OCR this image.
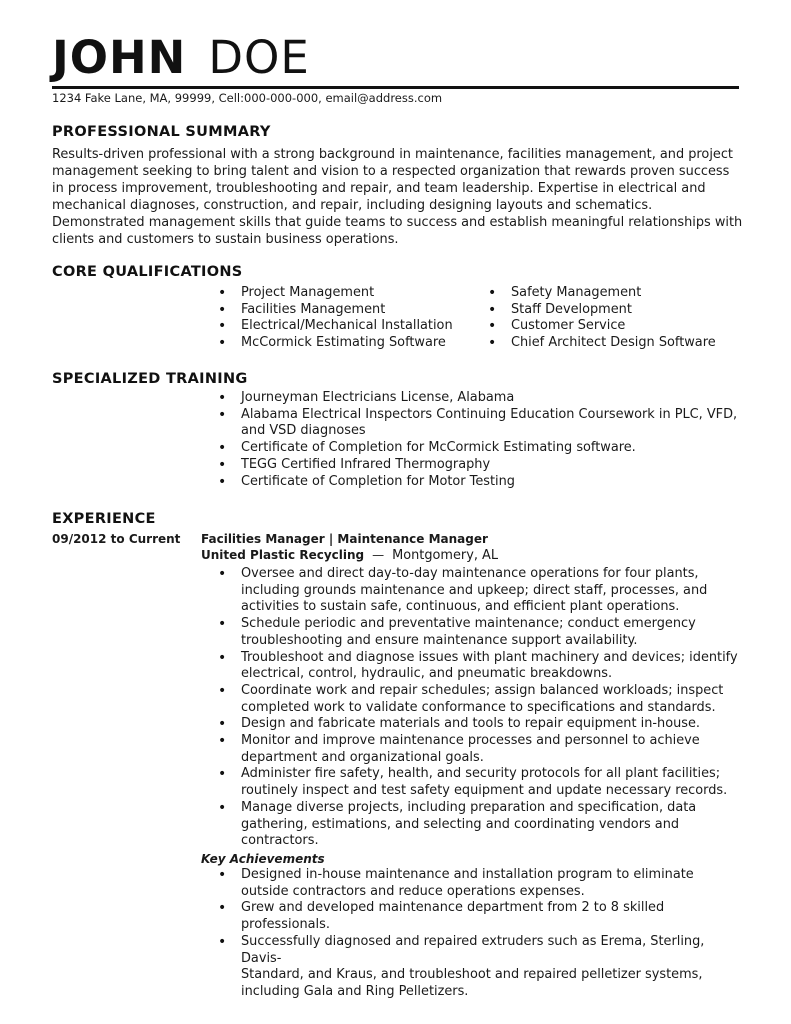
JOHN DOE
1234 Fake Lane, MA, 99999, Cell:000-000-000, email@address.com
PROFESSIONAL SUMMARY

Results-driven professional with a strong background in maintenance, facilities management, and project
management seeking to bring talent and vision to a respected organization that rewards proven success
in process improvement, troubleshooting and repair, and team leadership. Expertise in electrical and
mechanical diagnoses, construction, and repair, including designing layouts and schematics.
Demonstrated management skills that guide teams to success and establish meaningful relationships with
clients and customers to sustain business operations.

CORE QUALIFICATIONS
• Project Management
• Facilities Management
• Electrical/Mechanical Installation
• McCormick Estimating Software
• Safety Management
• Staff Development
• Customer Service
• Chief Architect Design Software
SPECIALIZED TRAINING
• Journeyman Electricians License, Alabama
• Alabama Electrical Inspectors Continuing Education Coursework in PLC, VFD,
and VSD diagnoses
• Certificate of Completion for McCormick Estimating software.
• TEGG Certified Infrared Thermography
• Certificate of Completion for Motor Testing
EXPERIENCE
09/2012 to Current Facilities Manager | Maintenance Manager
United Plastic Recycling — Montgomery, AL
• Oversee and direct day-to-day maintenance operations for four plants,
including grounds maintenance and upkeep; direct staff, processes, and
activities to sustain safe, continuous, and efficient plant operations.
• Schedule periodic and preventative maintenance; conduct emergency
troubleshooting and ensure maintenance support availability.
• Troubleshoot and diagnose issues with plant machinery and devices; identify
electrical, control, hydraulic, and pneumatic breakdowns.
• Coordinate work and repair schedules; assign balanced workloads; inspect
completed work to validate conformance to specifications and standards.
• Design and fabricate materials and tools to repair equipment in-house.
• Monitor and improve maintenance processes and personnel to achieve
department and organizational goals.
• Administer fire safety, health, and security protocols for all plant facilities;
routinely inspect and test safety equipment and update necessary records.
• Manage diverse projects, including preparation and specification, data
gathering, estimations, and selecting and coordinating vendors and
contractors.
Key Achievements
• Designed in-house maintenance and installation program to eliminate
outside contractors and reduce operations expenses.
• Grew and developed maintenance department from 2 to 8 skilled
professionals.
• Successfully diagnosed and repaired extruders such as Erema, Sterling, Davis-
Standard, and Kraus, and troubleshoot and repaired pelletizer systems,
including Gala and Ring Pelletizers.
